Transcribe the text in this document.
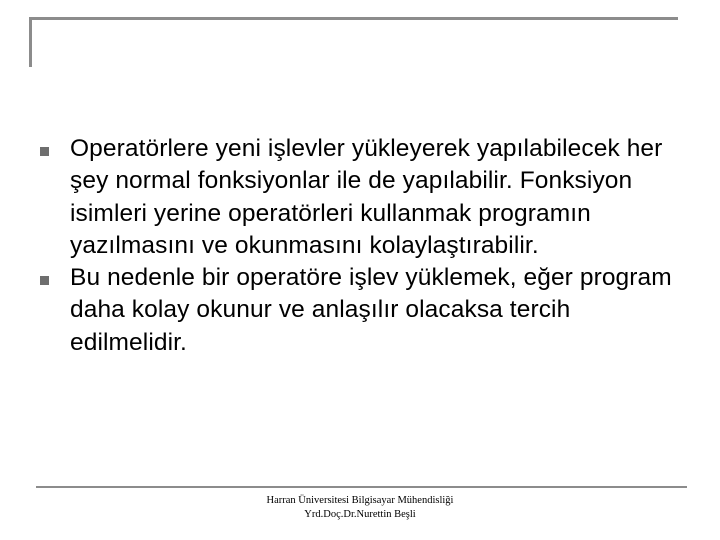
Operatörlere yeni işlevler yükleyerek yapılabilecek her şey normal fonksiyonlar ile de yapılabilir. Fonksiyon isimleri yerine operatörleri kullanmak programın yazılmasını ve okunmasını kolaylaştırabilir.
Bu nedenle bir operatöre işlev yüklemek, eğer program daha kolay okunur ve anlaşılır olacaksa tercih edilmelidir.
Harran Üniversitesi Bilgisayar Mühendisliği
Yrd.Doç.Dr.Nurettin Beşli
